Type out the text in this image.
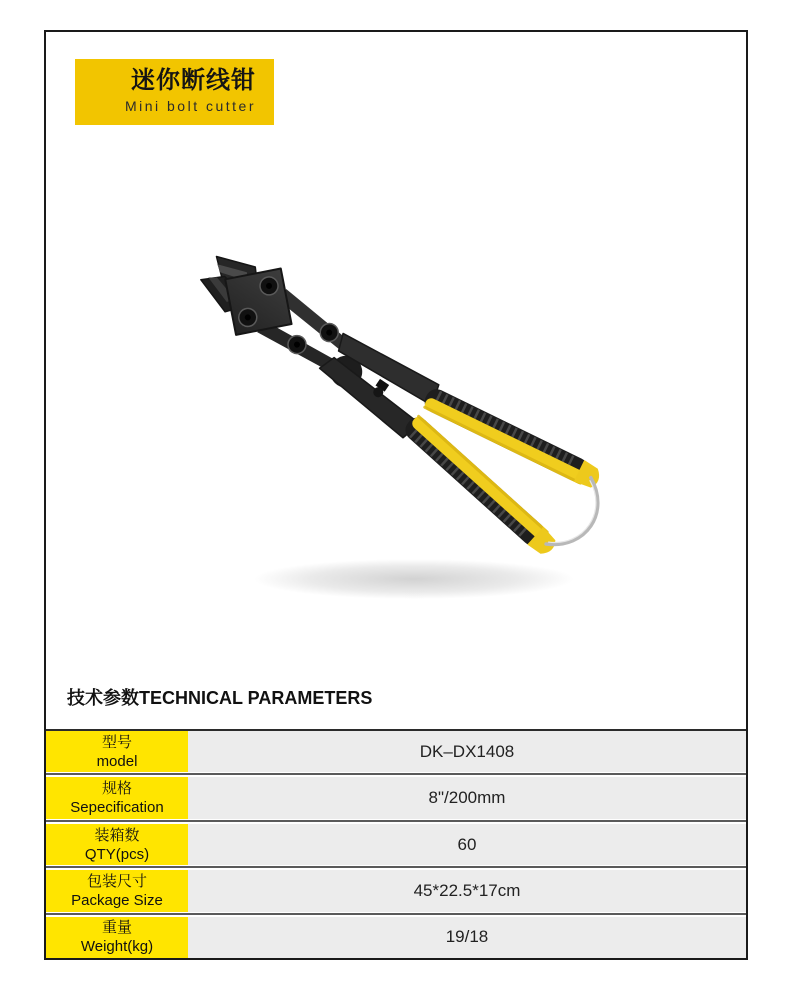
迷你断线钳
Mini bolt cutter
技术参数TECHNICAL PARAMETERS
型号
model
DK–DX1408
规格
Sepecification
8"/200mm
装箱数
QTY(pcs)
60
包装尺寸
Package Size
45*22.5*17cm
重量
Weight(kg)
19/18
